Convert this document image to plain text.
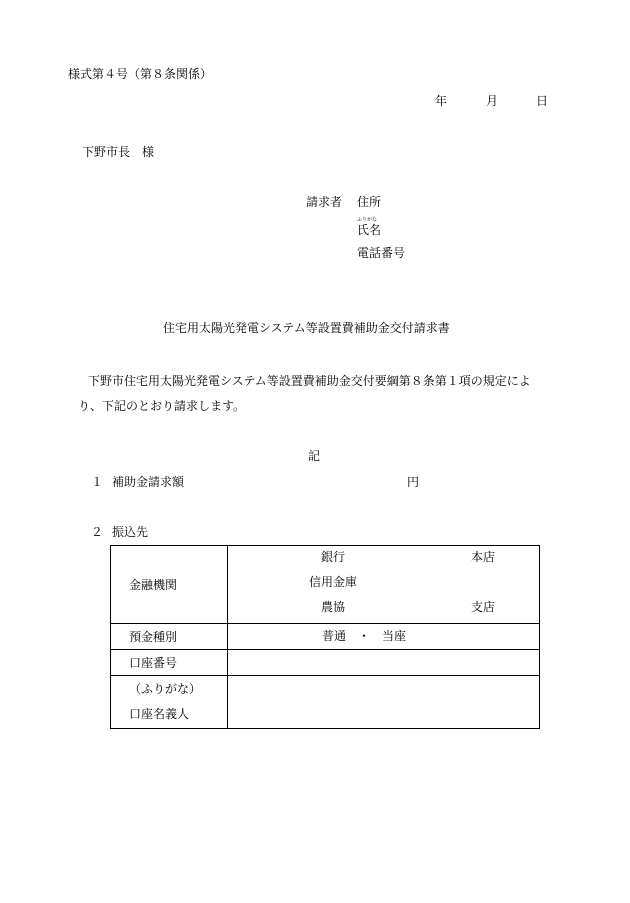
様式第４号（第８条関係）
年	月	日
下野市長　様
請求者 住所
ふりがな
氏名
電話番号
住宅用太陽光発電システム等設置費補助金交付請求書
下野市住宅用太陽光発電システム等設置費補助金交付要綱第８条第１項の規定によ
り、下記のとおり請求します。
記
１ 補助金請求額	円
２ 振込先
金融機関	銀行 本店
信用金庫
農協 支店

預金種別	普通　・　当座

口座番号	

（ふりがな）
口座名義人	
